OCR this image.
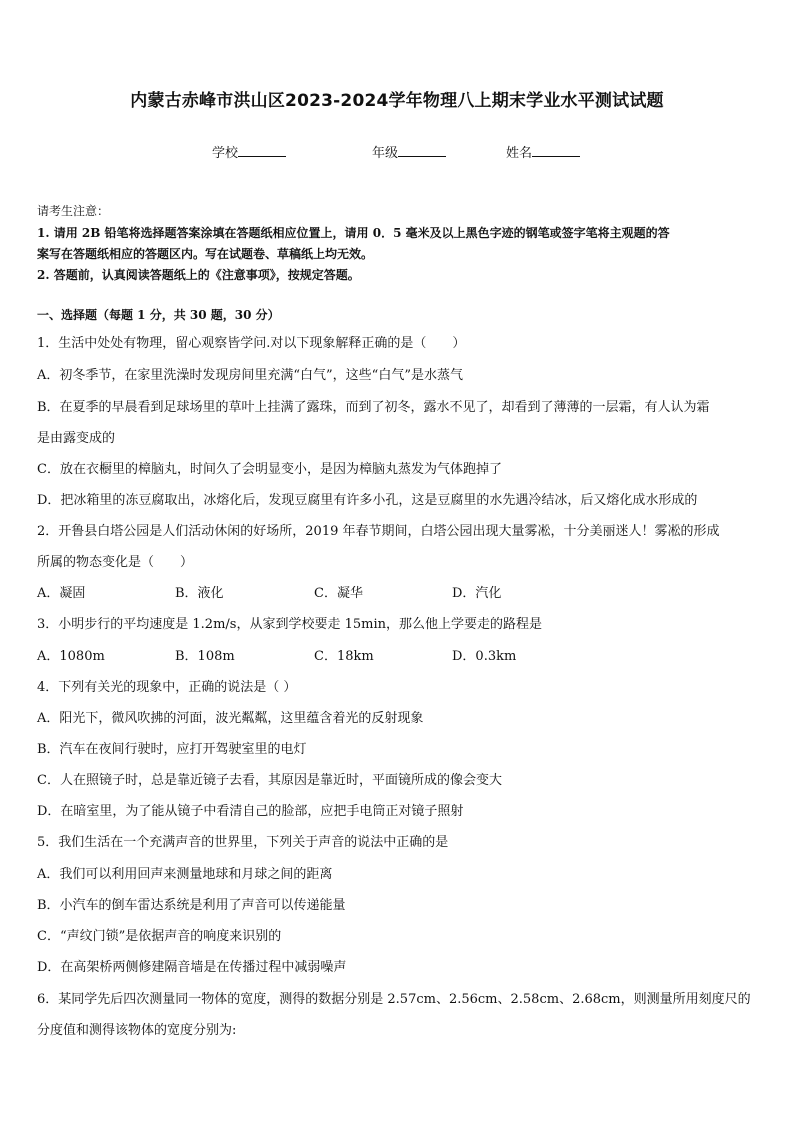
内蒙古赤峰市洪山区2023-2024学年物理八上期末学业水平测试试题
学校	年级	姓名
请考生注意：
1. 请用 2B 铅笔将选择题答案涂填在答题纸相应位置上，请用 0．5 毫米及以上黑色字迹的钢笔或签字笔将主观题的答
案写在答题纸相应的答题区内。写在试题卷、草稿纸上均无效。
2. 答题前，认真阅读答题纸上的《注意事项》，按规定答题。
一、选择题（每题 1 分，共 30 题，30 分）
1．生活中处处有物理，留心观察皆学问.对以下现象解释正确的是（　　）
A．初冬季节，在家里洗澡时发现房间里充满“白气”，这些“白气”是水蒸气
B．在夏季的早晨看到足球场里的草叶上挂满了露珠，而到了初冬，露水不见了，却看到了薄薄的一层霜，有人认为霜
是由露变成的
C．放在衣橱里的樟脑丸，时间久了会明显变小，是因为樟脑丸蒸发为气体跑掉了
D．把冰箱里的冻豆腐取出，冰熔化后，发现豆腐里有许多小孔，这是豆腐里的水先遇冷结冰，后又熔化成水形成的
2．开鲁县白塔公园是人们活动休闲的好场所，2019 年春节期间，白塔公园出现大量雾凇，十分美丽迷人！雾凇的形成
所属的物态变化是（　　）
A．凝固	B．液化	C．凝华	D．汽化
3．小明步行的平均速度是 1.2m/s，从家到学校要走 15min，那么他上学要走的路程是
A．1080m	B．108m	C．18km	D．0.3km
4．下列有关光的现象中，正确的说法是（ ）
A．阳光下，微风吹拂的河面，波光粼粼，这里蕴含着光的反射现象
B．汽车在夜间行驶时，应打开驾驶室里的电灯
C．人在照镜子时，总是靠近镜子去看，其原因是靠近时，平面镜所成的像会变大
D．在暗室里，为了能从镜子中看清自己的脸部，应把手电筒正对镜子照射
5．我们生活在一个充满声音的世界里，下列关于声音的说法中正确的是
A．我们可以利用回声来测量地球和月球之间的距离
B．小汽车的倒车雷达系统是利用了声音可以传递能量
C．“声纹门锁”是依据声音的响度来识别的
D．在高架桥两侧修建隔音墙是在传播过程中减弱噪声
6．某同学先后四次测量同一物体的宽度，测得的数据分别是 2.57cm、2.56cm、2.58cm、2.68cm，则测量所用刻度尺的
分度值和测得该物体的宽度分别为:
